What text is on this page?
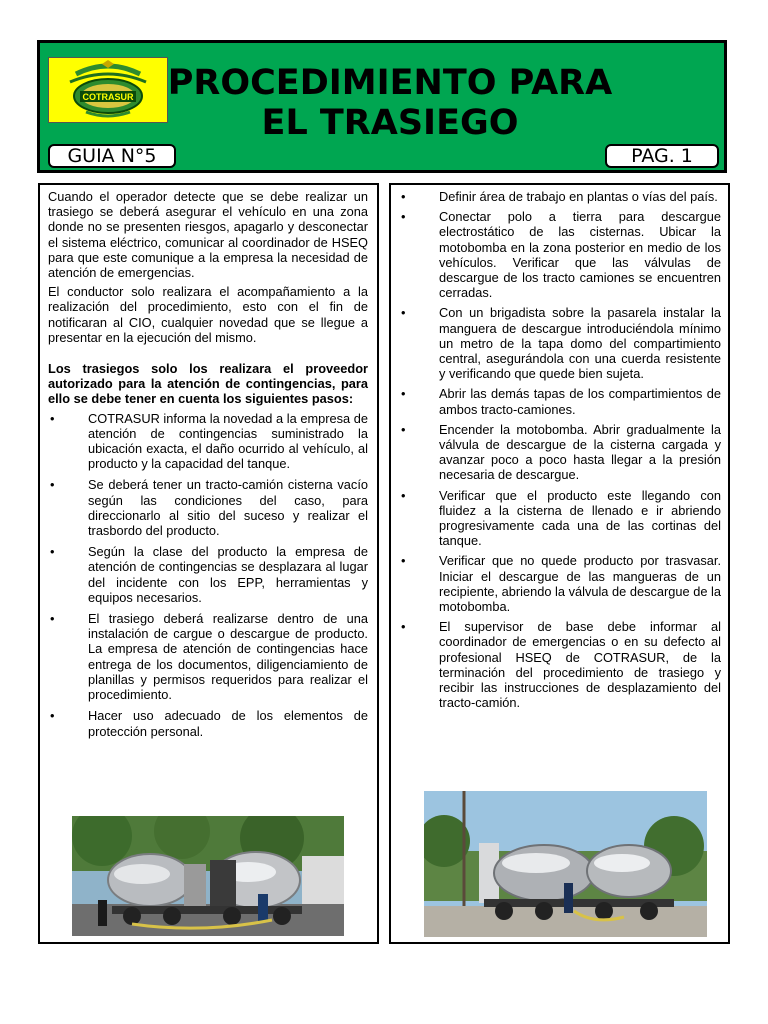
COTRASUR PROCEDIMIENTO PARA
EL TRASIEGO
GUIA N°5	PAG. 1

Cuando el operador detecte que se debe realizar un trasiego se deberá asegurar el vehículo en una zona donde no se presenten riesgos, apagarlo y desconectar el sistema eléctrico, comunicar al coordinador de HSEQ para que este comunique a la empresa la necesidad de atención de emergencias.

El conductor solo realizara el acompañamiento a la realización del procedimiento, esto con el fin de notificaran al CIO, cualquier novedad que se llegue a presentar en la ejecución del mismo.

Los trasiegos solo los realizara el proveedor autorizado para la atención de contingencias, para ello se debe tener en cuenta los siguientes pasos:

• COTRASUR informa la novedad a la empresa de atención de contingencias suministrado la ubicación exacta, el daño ocurrido al vehículo, al producto y la capacidad del tanque.
• Se deberá tener un tracto-camión cisterna vacío según las condiciones del caso, para direccionarlo al sitio del suceso y realizar el trasbordo del producto.
• Según la clase del producto la empresa de atención de contingencias se desplazara al lugar del incidente con los EPP, herramientas y equipos necesarios.
• El trasiego deberá realizarse dentro de una instalación de cargue o descargue de producto. La empresa de atención de contingencias hace entrega de los documentos, diligenciamiento de planillas y permisos requeridos para realizar el procedimiento.
• Hacer uso adecuado de los elementos de protección personal.
• Definir área de trabajo en plantas o vías del país.
• Conectar polo a tierra para descargue electrostático de las cisternas. Ubicar la motobomba en la zona posterior en medio de los vehículos. Verificar que las válvulas de descargue de los tracto camiones se encuentren cerradas.
• Con un brigadista sobre la pasarela instalar la manguera de descargue introduciéndola mínimo un metro de la tapa domo del compartimiento central, asegurándola con una cuerda resistente y verificando que quede bien sujeta.
• Abrir las demás tapas de los compartimientos de ambos tracto-camiones.
• Encender la motobomba. Abrir gradualmente la válvula de descargue de la cisterna cargada y avanzar poco a poco hasta llegar a la presión necesaria de descargue.
• Verificar que el producto este llegando con fluidez a la cisterna de llenado e ir abriendo progresivamente cada una de las cortinas del tanque.
• Verificar que no quede producto por trasvasar. Iniciar el descargue de las mangueras de un recipiente, abriendo la válvula de descargue de la motobomba.
• El supervisor de base debe informar al coordinador de emergencias o en su defecto al profesional HSEQ de COTRASUR, de la terminación del procedimiento de trasiego y recibir las instrucciones de desplazamiento del tracto-camión.
